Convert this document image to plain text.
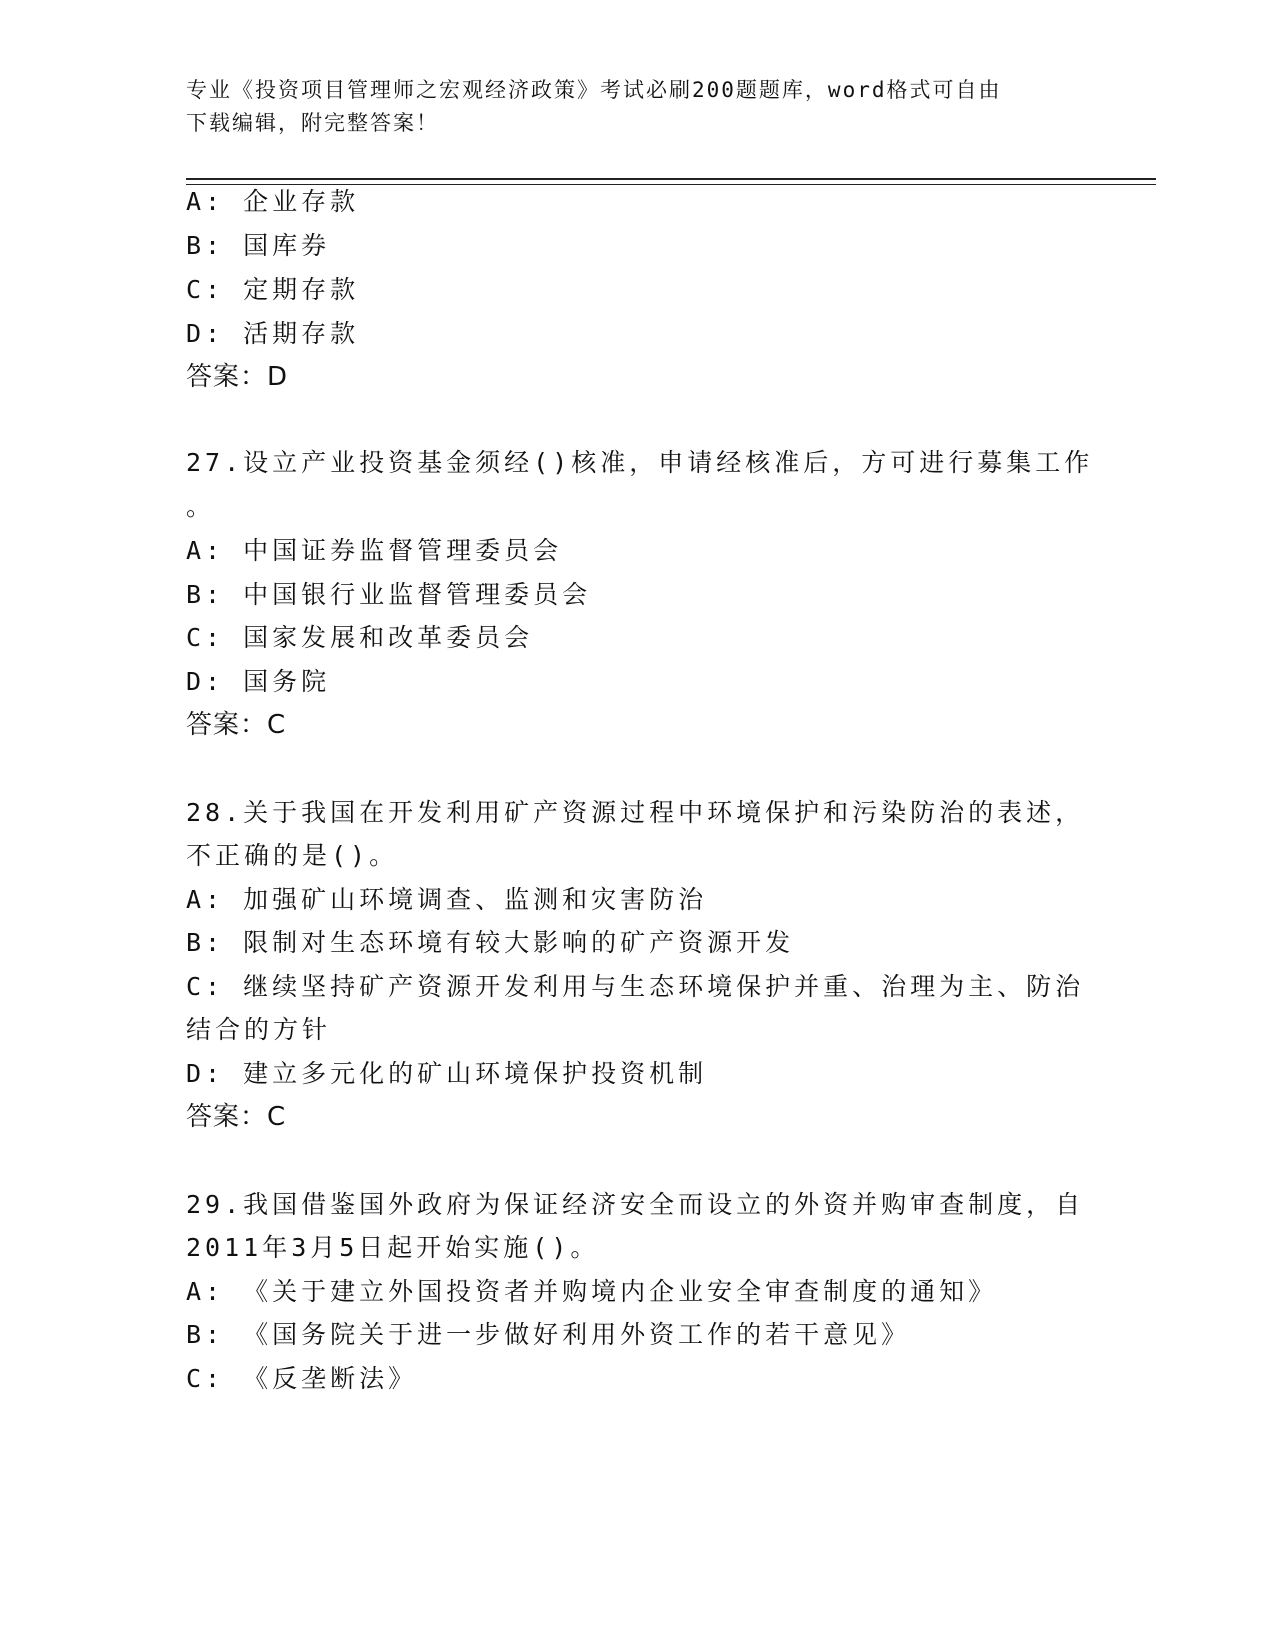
专业《投资项目管理师之宏观经济政策》考试必刷200题题库，word格式可自由
下载编辑，附完整答案！
A: 企业存款
B: 国库券
C: 定期存款
D: 活期存款
答案：D
27.设立产业投资基金须经()核准，申请经核准后，方可进行募集工作
。
A: 中国证券监督管理委员会
B: 中国银行业监督管理委员会
C: 国家发展和改革委员会
D: 国务院
答案：C
28.关于我国在开发利用矿产资源过程中环境保护和污染防治的表述，
不正确的是()。
A: 加强矿山环境调查、监测和灾害防治
B: 限制对生态环境有较大影响的矿产资源开发
C: 继续坚持矿产资源开发利用与生态环境保护并重、治理为主、防治
结合的方针
D: 建立多元化的矿山环境保护投资机制
答案：C
29.我国借鉴国外政府为保证经济安全而设立的外资并购审查制度，自
2011年3月5日起开始实施()。
A: 《关于建立外国投资者并购境内企业安全审查制度的通知》
B: 《国务院关于进一步做好利用外资工作的若干意见》
C: 《反垄断法》
